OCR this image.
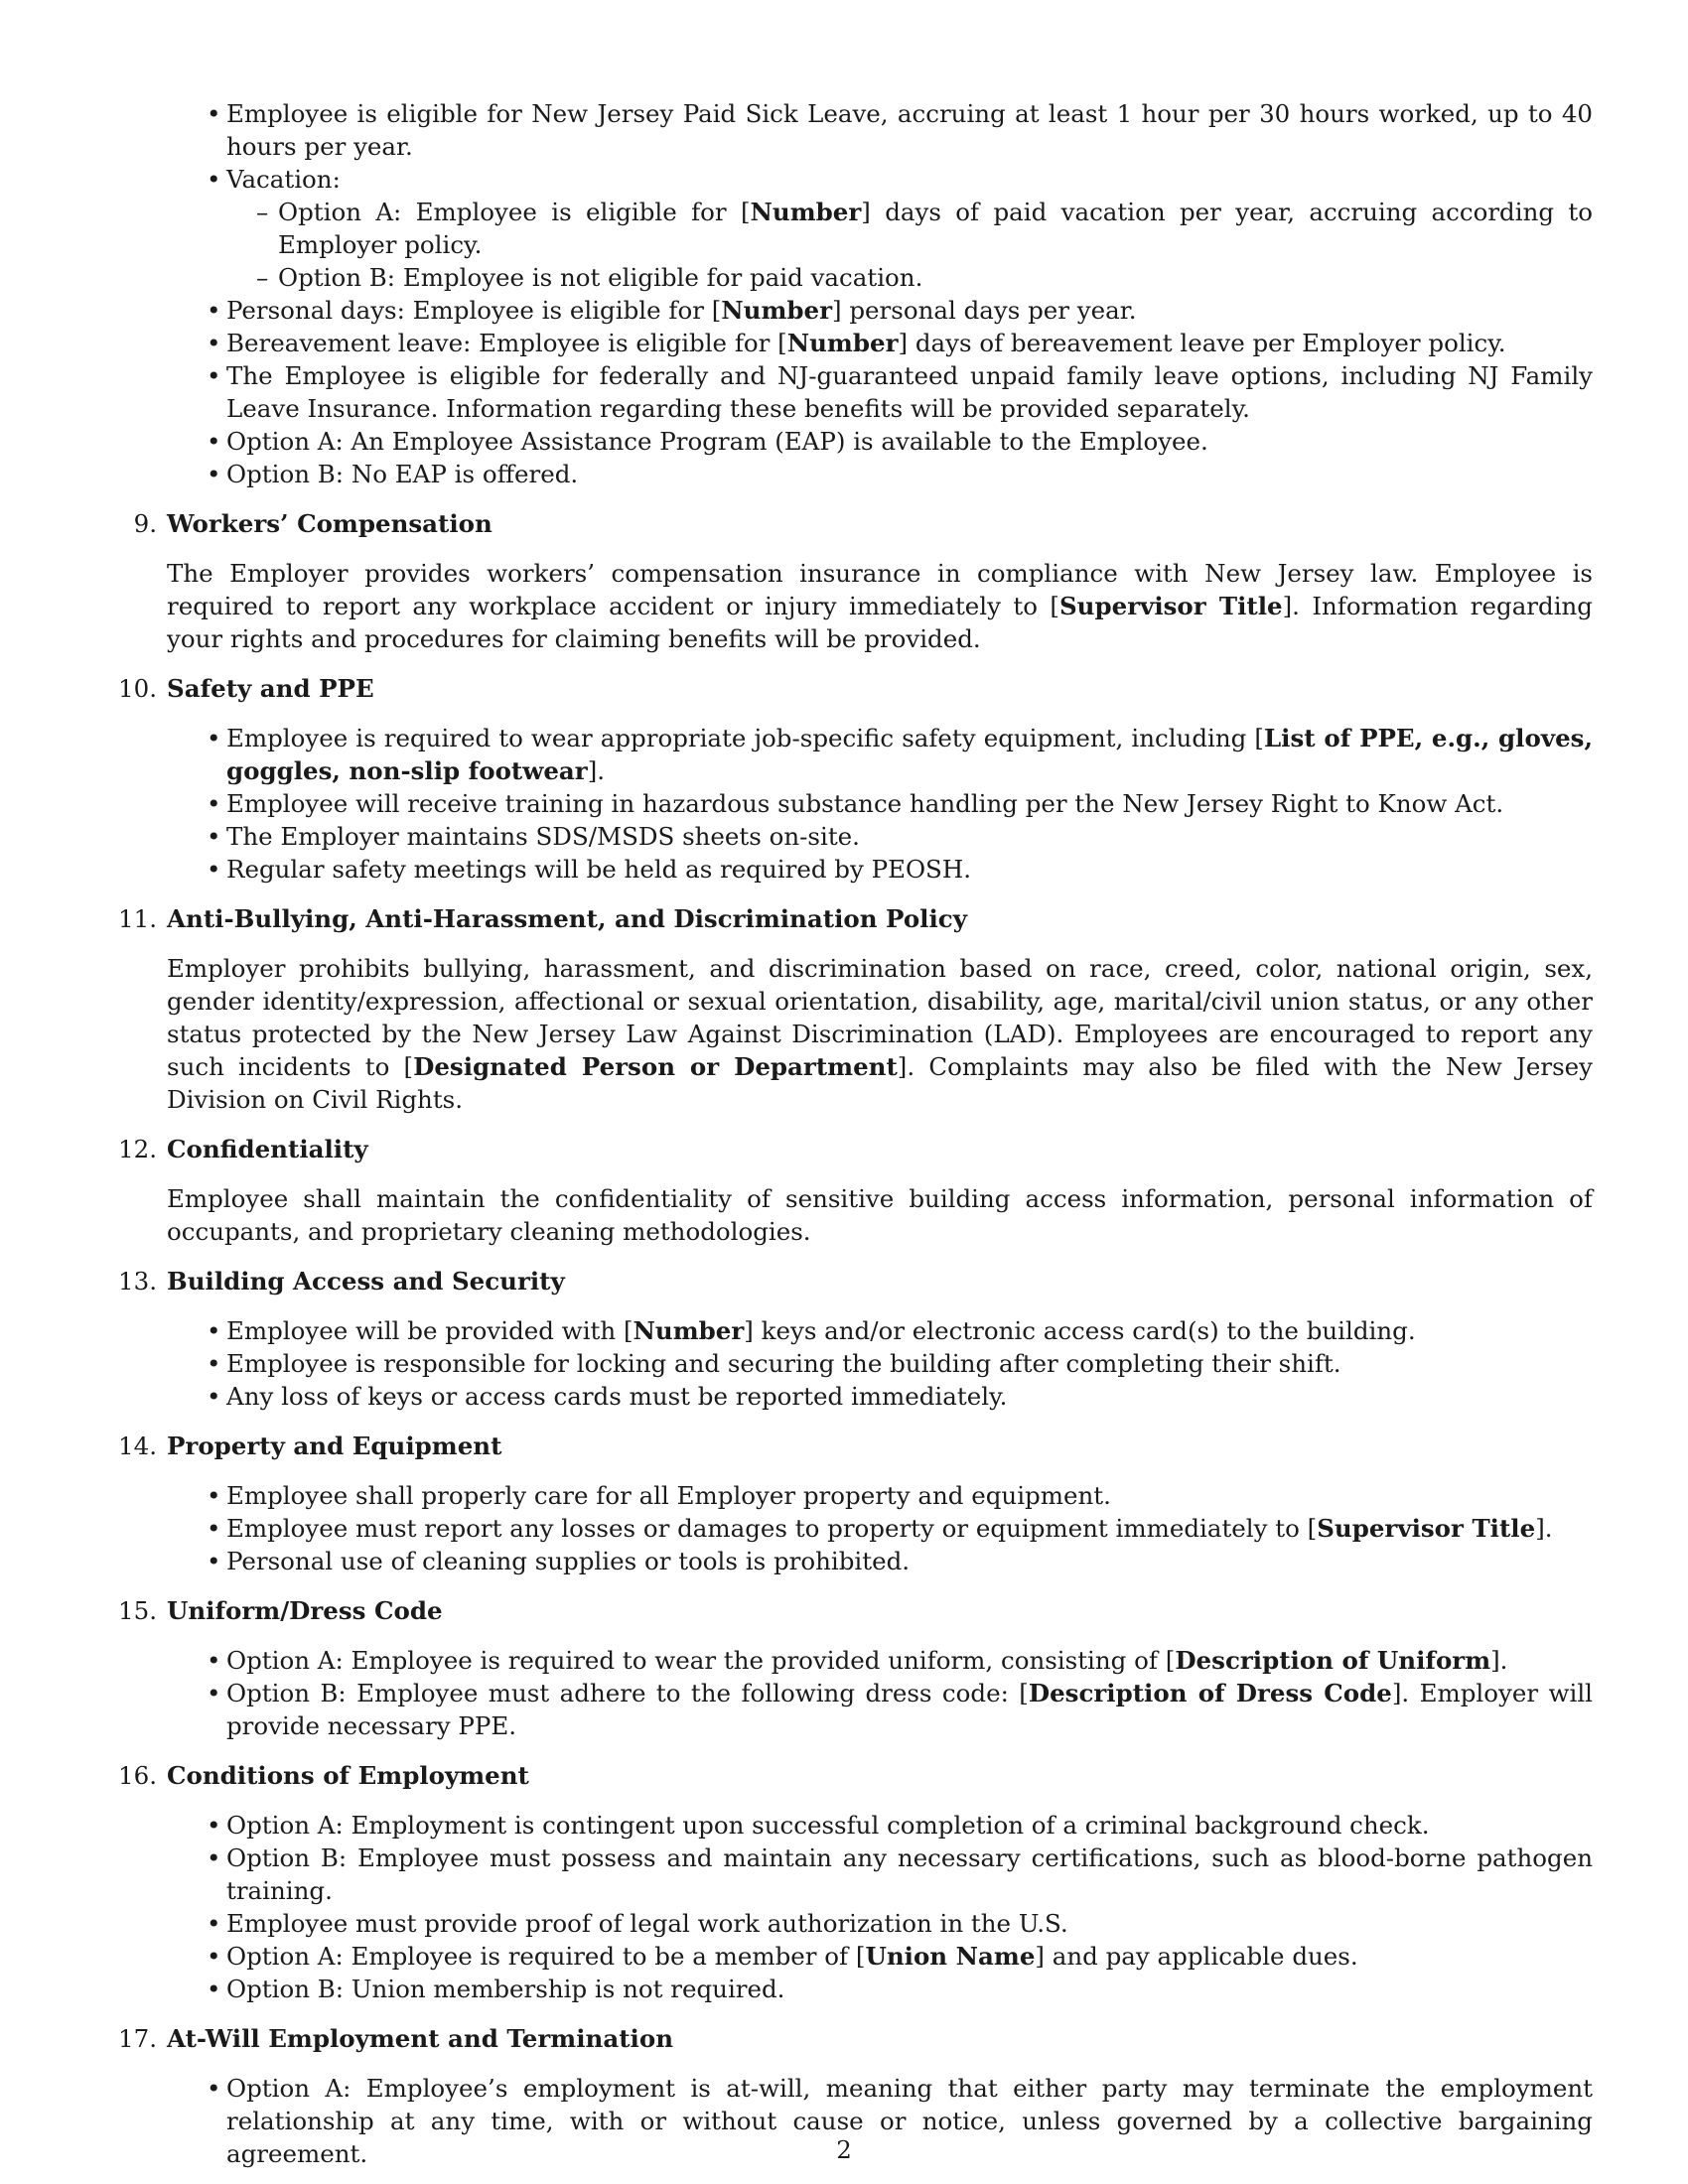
• Employee is eligible for New Jersey Paid Sick Leave, accruing at least 1 hour per 30 hours worked, up to 40 hours per year.
• Vacation:
– Option A: Employee is eligible for [Number] days of paid vacation per year, accruing according to Employer policy.
– Option B: Employee is not eligible for paid vacation.
• Personal days: Employee is eligible for [Number] personal days per year.
• Bereavement leave: Employee is eligible for [Number] days of bereavement leave per Employer policy.
• The Employee is eligible for federally and NJ-guaranteed unpaid family leave options, including NJ Family Leave Insurance. Information regarding these benefits will be provided separately.
• Option A: An Employee Assistance Program (EAP) is available to the Employee.
• Option B: No EAP is offered.
9. Workers’ Compensation
The Employer provides workers’ compensation insurance in compliance with New Jersey law. Employee is required to report any workplace accident or injury immediately to [Supervisor Title]. Information regarding your rights and procedures for claiming benefits will be provided.
10. Safety and PPE
• Employee is required to wear appropriate job-specific safety equipment, including [List of PPE, e.g., gloves, goggles, non-slip footwear].
• Employee will receive training in hazardous substance handling per the New Jersey Right to Know Act.
• The Employer maintains SDS/MSDS sheets on-site.
• Regular safety meetings will be held as required by PEOSH.
11. Anti-Bullying, Anti-Harassment, and Discrimination Policy
Employer prohibits bullying, harassment, and discrimination based on race, creed, color, national origin, sex, gender identity/expression, affectional or sexual orientation, disability, age, marital/civil union status, or any other status protected by the New Jersey Law Against Discrimination (LAD). Employees are encouraged to report any such incidents to [Designated Person or Department]. Complaints may also be filed with the New Jersey Division on Civil Rights.
12. Confidentiality
Employee shall maintain the confidentiality of sensitive building access information, personal information of occupants, and proprietary cleaning methodologies.
13. Building Access and Security
• Employee will be provided with [Number] keys and/or electronic access card(s) to the building.
• Employee is responsible for locking and securing the building after completing their shift.
• Any loss of keys or access cards must be reported immediately.
14. Property and Equipment
• Employee shall properly care for all Employer property and equipment.
• Employee must report any losses or damages to property or equipment immediately to [Supervisor Title].
• Personal use of cleaning supplies or tools is prohibited.
15. Uniform/Dress Code
• Option A: Employee is required to wear the provided uniform, consisting of [Description of Uniform].
• Option B: Employee must adhere to the following dress code: [Description of Dress Code]. Employer will provide necessary PPE.
16. Conditions of Employment
• Option A: Employment is contingent upon successful completion of a criminal background check.
• Option B: Employee must possess and maintain any necessary certifications, such as blood-borne pathogen training.
• Employee must provide proof of legal work authorization in the U.S.
• Option A: Employee is required to be a member of [Union Name] and pay applicable dues.
• Option B: Union membership is not required.
17. At-Will Employment and Termination
• Option A: Employee’s employment is at-will, meaning that either party may terminate the employment relationship at any time, with or without cause or notice, unless governed by a collective bargaining agreement.	2
